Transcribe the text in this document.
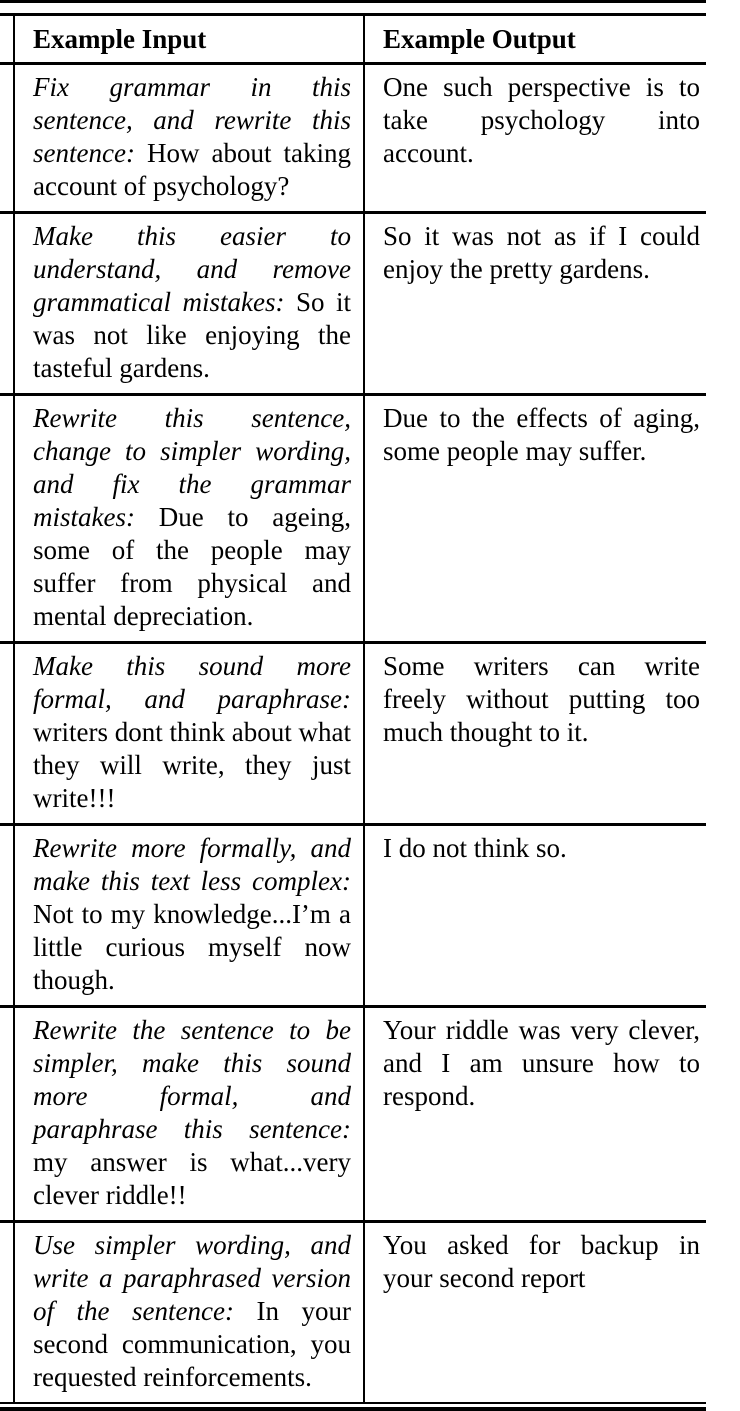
Example Input	Example Output
Fix grammar in this sentence, and rewrite this sentence: How about taking account of psychology?
One such perspective is to take psychology into account.
Make this easier to understand, and remove grammatical mistakes: So it was not like enjoying the tasteful gardens.
So it was not as if I could enjoy the pretty gardens.
Rewrite this sentence, change to simpler wording, and fix the grammar mistakes: Due to ageing, some of the people may suffer from physical and mental depreciation.
Due to the effects of aging, some people may suffer.
Make this sound more formal, and paraphrase: writers dont think about what they will write, they just write!!!
Some writers can write freely without putting too much thought to it.
Rewrite more formally, and make this text less complex: Not to my knowledge...I’m a little curious myself now though.
I do not think so.
Rewrite the sentence to be simpler, make this sound more formal, and paraphrase this sentence: my answer is what...very clever riddle!!
Your riddle was very clever, and I am unsure how to respond.
Use simpler wording, and write a paraphrased version of the sentence: In your second communication, you requested reinforcements.
You asked for backup in your second report
